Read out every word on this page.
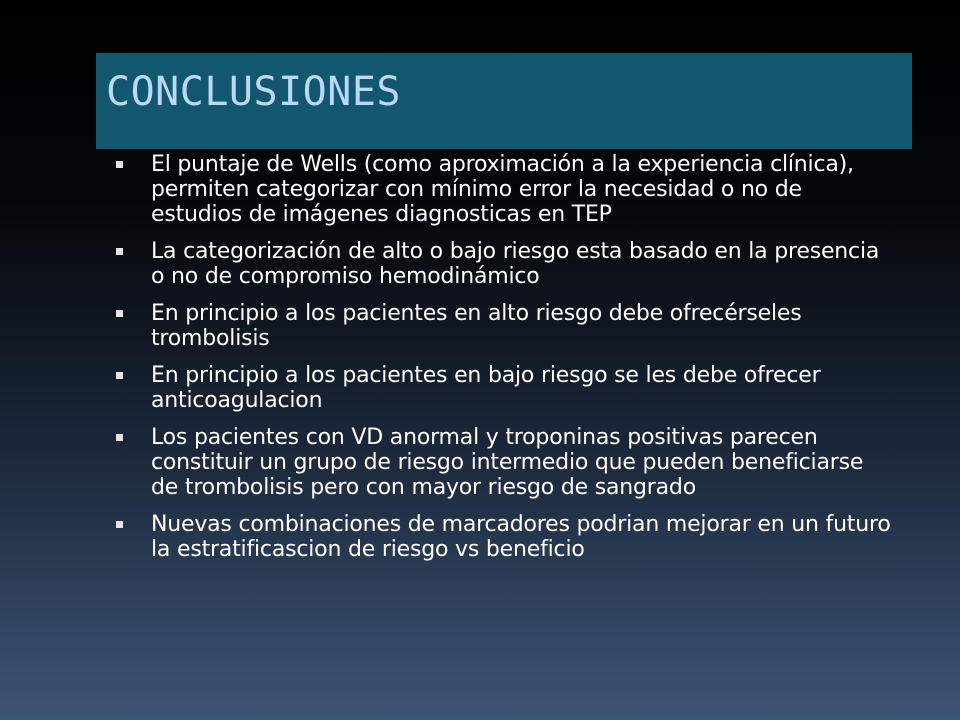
CONCLUSIONES
El puntaje de Wells (como aproximación a la experiencia clínica), permiten categorizar con mínimo error la necesidad o no de estudios de imágenes diagnosticas en TEP
La categorización de alto o bajo riesgo esta basado en la presencia o no de compromiso hemodinámico
En principio a los pacientes en alto riesgo debe ofrecérseles trombolisis
En principio a los pacientes en bajo riesgo se les debe ofrecer anticoagulacion
Los pacientes con VD anormal y troponinas positivas parecen constituir un grupo de riesgo intermedio que pueden beneficiarse de trombolisis pero con mayor riesgo de sangrado
Nuevas combinaciones de marcadores podrian mejorar en un futuro la estratificascion de riesgo vs beneficio
